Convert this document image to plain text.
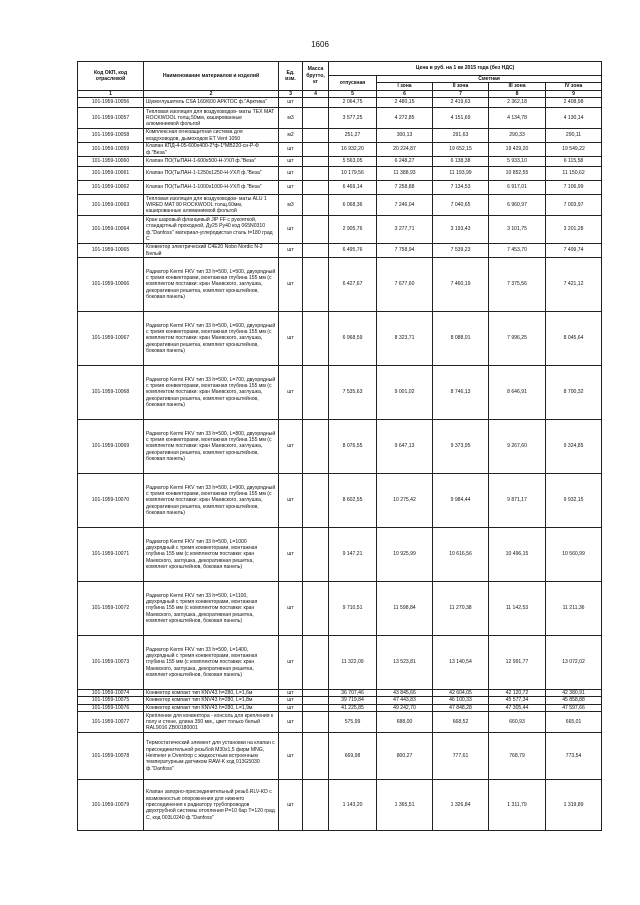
1606
Код ОКП, код отраслевой	Наименование материалов и изделий	Ед. изм.	Масса брутто, кг	Цена в руб. на 1 кв 2015 года (без НДС)				
				отпускная	Сметная			
					I зона	II зона	III зона	IV зона
1	2	3	4	5	6	7	8	9
101-1959-10056	Шумоглушитель CSA 160/600 АРКТОС ф."Арктика"	шт		2 064,75	2 480,15	2 419,63	2 362,18	2 408,98
101-1959-10057	Тепловая изоляция для воздуховодов- маты TEX MAT ROCKWOOL толщ.50мм, кашированные алюминиевой фольгой	м3		3 577,25	4 272,85	4 151,69	4 134,78	4 130,14
101-1959-10058	Комплексная огнезащитная система для воздуховодов, дымоходов ET Vent 1050	м2		251,27	300,13	291,63	290,33	290,11
101-1959-10059	Клапан КПД-4-05-600х400-2*ф-1*МВ220-сн-Р-Ф ф."Веза"	шт		16 932,20	20 224,87	19 652,15	19 429,20	19 549,22
101-1959-10060	Клапан ПО(ТыПАН-1-600х500-Н-УХЛ ф."Веза"	шт		5 563,05	6 248,27	6 138,38	5 933,10	6 115,58
101-1959-10061	Клапан ПО(ТыПАН-1-1250х1250-Н-УХЛ ф."Веза"	шт		10 179,56	11 388,93	11 193,99	10 852,55	11 150,62
101-1959-10062	Клапан ПО(ТыПАН-1-1000х1000-Н-УХЛ ф."Веза"	шт		6 469,14	7 258,88	7 134,53	6 917,01	7 106,99
101-1959-10063	Тепловая изоляция для воздуховодов- маты ALU 1 WIRED MAT 80 ROCKWOOL толщ.60мм, кашированные алюминиевой фольгой	м3		6 068,36	7 246,04	7 040,65	6 960,97	7 003,97
101-1959-10064	Кран шаровый фланцевый JIP FF с рукояткой, стандартный проходной, Ду25 Ру40 код 065N0310 ф."Danfoss" материал-углеродистая сталь t=180 град С	шт		2 905,76	3 277,71	3 193,43	3 101,75	3 201,28
101-1959-10065	Конвектор электрический C4E20 Nobo Nordic N-2 Белый	шт		6 495,76	7 758,94	7 539,23	7 453,70	7 499,74
101-1959-10066	Радиатор Kermi FKV тип 33 h=500, L=500, двухрядный с тремя конвекторами, монтажная глубина 155 мм (с комплектом поставки: кран Маевского, заглушка, декоративная решетка, комплект кронштейнов, боковая панель)	шт		6 427,67	7 677,60	7 460,19	7 375,56	7 421,12
101-1959-10067	Радиатор Kermi FKV тип 33 h=500, L=600, двухрядный с тремя конвекторами, монтажная глубина 155 мм (с комплектом поставки: кран Маевского, заглушка, декоративная решетка, комплект кронштейнов, боковая панель)	шт		6 968,59	8 323,71	8 088,01	7 996,25	8 045,64
101-1959-10068	Радиатор Kermi FKV тип 33 h=500, L=700, двухрядный с тремя конвекторами, монтажная глубина 155 мм (с комплектом поставки: кран Маевского, заглушка, декоративная решетка, комплект кронштейнов, боковая панель)	шт		7 535,63	9 001,02	8 746,13	8 646,91	8 700,32
101-1959-10069	Радиатор Kermi FKV тип 33 h=500, L=800, двухрядный с тремя конвекторами, монтажная глубина 155 мм (с комплектом поставки: кран Маевского, заглушка, декоративная решетка, комплект кронштейнов, боковая панель)	шт		8 076,55	9 647,13	9 373,95	9 267,60	9 324,85
101-1959-10070	Радиатор Kermi FKV тип 33 h=500, L=900, двухрядный с тремя конвекторами, монтажная глубина 155 мм (с комплектом поставки: кран Маевского, заглушка, декоративная решетка, комплект кронштейнов, боковая панель)	шт		8 602,55	10 275,42	9 984,44	9 871,17	9 932,15
101-1959-10071	Радиатор Kermi FKV тип 33 h=500, L=1000 двухрядный с тремя конвекторами, монтажная глубина 155 мм (с комплектом поставки: кран Маевского, заглушка, декоративная решетка, комплект кронштейнов, боковая панель)	шт		9 147,21	10 925,99	10 616,56	10 496,15	10 560,99
101-1959-10072	Радиатор Kermi FKV тип 33 h=500, L=1100, двухрядный с тремя конвекторами, монтажная глубина 155 мм (с комплектом поставки: кран Маевского, заглушка, декоративная решетка, комплект кронштейнов, боковая панель)	шт		9 710,51	11 598,84	11 270,38	11 142,53	11 211,36
101-1959-10073	Радиатор Kermi FKV тип 33 h=500, L=1400, двухрядный с тремя конвекторами, монтажная глубина 155 мм (с комплектом поставки: кран Маевского, заглушка, декоративная решетка, комплект кронштейнов, боковая панель)	шт		11 322,09	13 523,81	13 140,54	12 991,77	13 072,02
101-1959-10074	Конвектор компакт тип KNV43 h=280, L=1,6м	шт		36 707,46	43 845,66	42 604,05	42 120,72	42 380,91
101-1959-10075	Конвектор компакт тип KNV43 h=280, L=1,8м	шт		39 719,84	47 443,83	46 100,33	45 577,34	45 858,88
101-1959-10076	Конвектор компакт тип KNV43 h=280, L=1,9м	шт		41 225,85	49 242,70	47 848,28	47 305,44	47 597,66
101-1959-10077	Крепление для конвектора - консоль для крепления к полу и стене, длина 350 мм., цвет только белый RAL9016 ZB00180001	шт		575,99	688,00	668,52	660,93	665,01
101-1959-10078	Термостатический элемент для установки на клапан с присоединительной резьбой М30х1,5 фирм MNG, Heimeier и Oventrop с жидкостным встроенным температурным датчиком RAW-K код 013G5030 ф."Danfoss"	шт		669,98	800,27	777,61	768,79	773,54
101-1959-10079	Клапан запорно-присоединительный резьб.RLV-KD с возможностью опорожнения для нижнего присоединения к радиатору трубопроводов двухтрубной системы отопления Р=10 бар Т=120 град С, код 003L0240 ф."Danfoss"	шт		1 143,20	1 365,51	1 326,84	1 311,79	1 319,89
